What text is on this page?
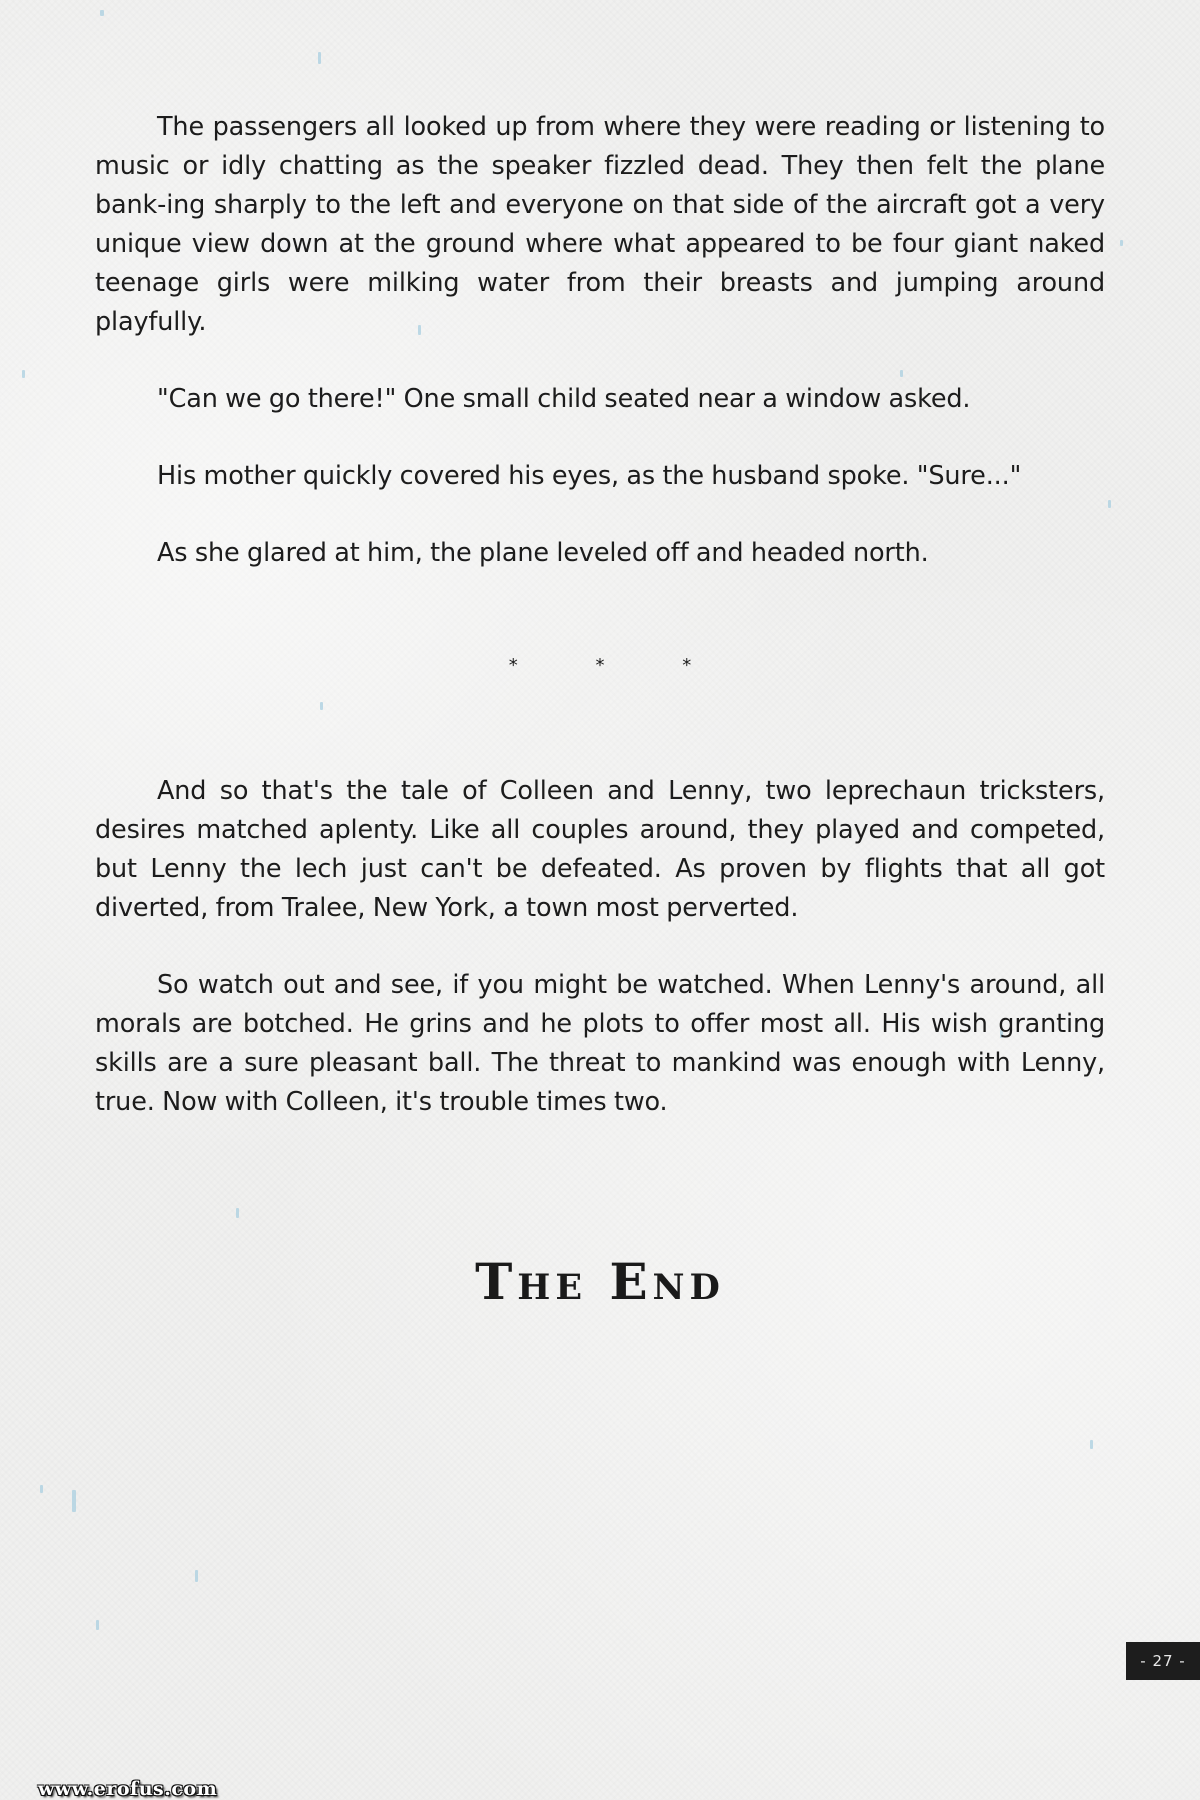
The passengers all looked up from where they were reading or listening to music or idly chatting as the speaker fizzled dead. They then felt the plane bank-ing sharply to the left and everyone on that side of the aircraft got a very unique view down at the ground where what appeared to be four giant naked teenage girls were milking water from their breasts and jumping around playfully.

"Can we go there!" One small child seated near a window asked.

His mother quickly covered his eyes, as the husband spoke. "Sure..."

As she glared at him, the plane leveled off and headed north.

*	*	*

And so that's the tale of Colleen and Lenny, two leprechaun tricksters, desires matched aplenty. Like all couples around, they played and competed, but Lenny the lech just can't be defeated. As proven by flights that all got diverted, from Tralee, New York, a town most perverted.

So watch out and see, if you might be watched. When Lenny's around, all morals are botched. He grins and he plots to offer most all. His wish granting skills are a sure pleasant ball. The threat to mankind was enough with Lenny, true. Now with Colleen, it's trouble times two.

The End
- 27 -
www.erofus.com
